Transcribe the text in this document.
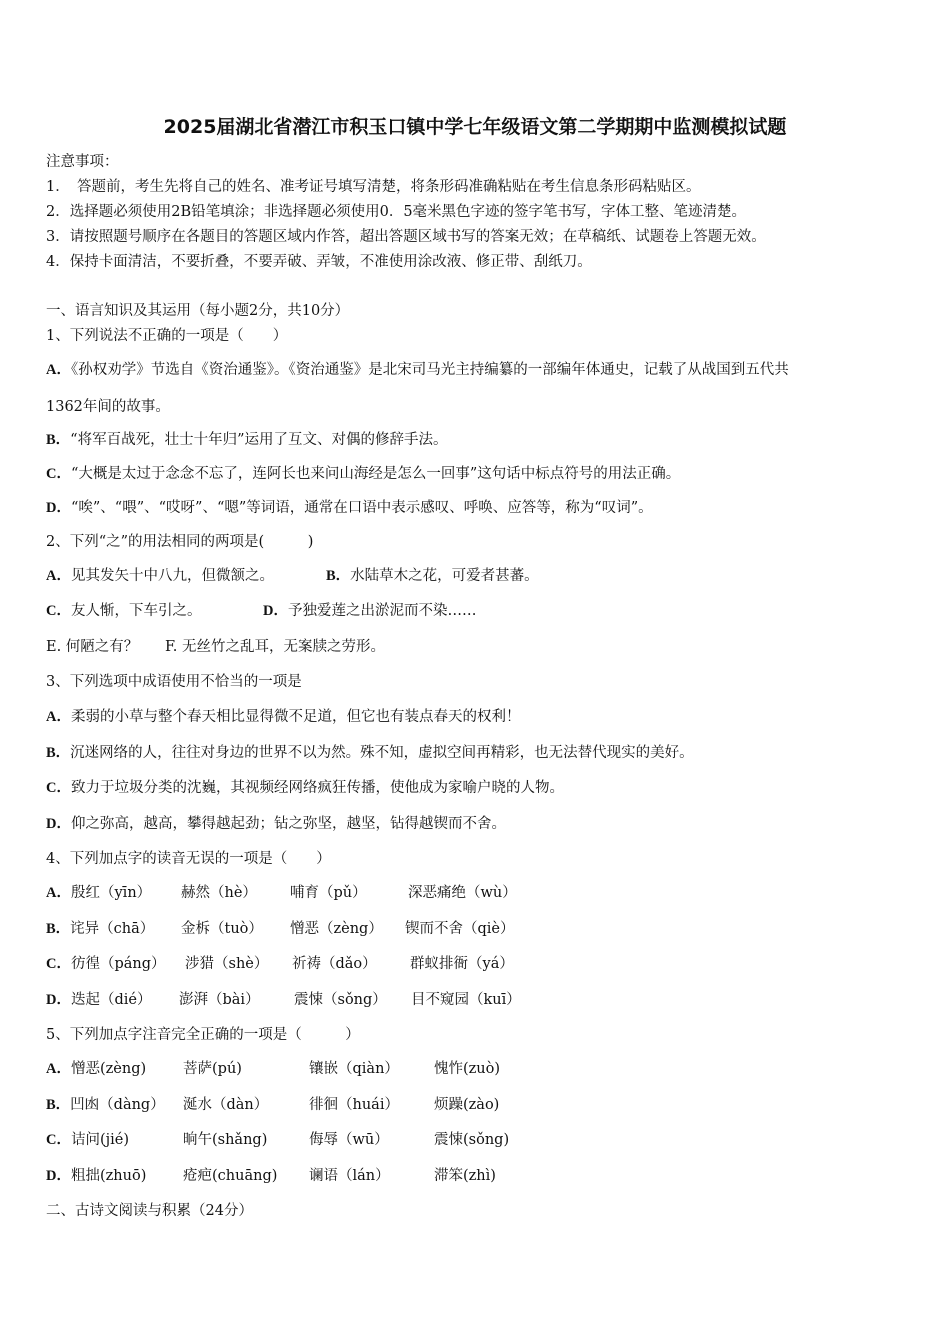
2025届湖北省潜江市积玉口镇中学七年级语文第二学期期中监测模拟试题
注意事项：
1．　答题前，考生先将自己的姓名、准考证号填写清楚，将条形码准确粘贴在考生信息条形码粘贴区。
2．选择题必须使用2B铅笔填涂；非选择题必须使用0．5毫米黑色字迹的签字笔书写，字体工整、笔迹清楚。
3．请按照题号顺序在各题目的答题区域内作答，超出答题区域书写的答案无效；在草稿纸、试题卷上答题无效。
4．保持卡面清洁，不要折叠，不要弄破、弄皱，不准使用涂改液、修正带、刮纸刀。
一、语言知识及其运用（每小题2分，共10分）
1、下列说法不正确的一项是（　　）
A．《孙权劝学》节选自《资治通鉴》。《资治通鉴》是北宋司马光主持编纂的一部编年体通史，记载了从战国到五代共
1362年间的故事。
B．“将军百战死，壮士十年归”运用了互文、对偶的修辞手法。
C．“大概是太过于念念不忘了，连阿长也来问山海经是怎么一回事”这句话中标点符号的用法正确。
D．“唉”、“喂”、“哎呀”、“嗯”等词语，通常在口语中表示感叹、呼唤、应答等，称为“叹词”。
2、下列“之”的用法相同的两项是(　　　)
A．见其发矢十中八九，但微颔之。	B．水陆草木之花，可爱者甚蕃。
C．友人惭，下车引之。	D．予独爱莲之出淤泥而不染……
E. 何陋之有？ F. 无丝竹之乱耳，无案牍之劳形。
3、下列选项中成语使用不恰当的一项是
A．柔弱的小草与整个春天相比显得微不足道，但它也有装点春天的权利！
B．沉迷网络的人，往往对身边的世界不以为然。殊不知，虚拟空间再精彩，也无法替代现实的美好。
C．致力于垃圾分类的沈巍，其视频经网络疯狂传播，使他成为家喻户晓的人物。
D．仰之弥高，越高，攀得越起劲；钻之弥坚，越坚，钻得越锲而不舍。
4、下列加点字的读音无误的一项是（　　）
A．殷红（yīn） 赫然（hè） 哺育（pǔ）	深恶痛绝（wù）
B．诧异（chā） 金柝（tuò） 憎恶（zèng） 锲而不舍（qiè）
C．彷徨（páng） 涉猎（shè） 祈祷（dǎo） 群蚁排衙（yá）
D．迭起（dié） 澎湃（bài） 震悚（sǒng） 目不窥园（kuī）
5、下列加点字注音完全正确的一项是（　　　）
A．憎恶(zèng)	菩萨(pú)	镶嵌（qiàn） 愧怍(zuò)
B．凹凼（dàng） 涎水（dàn）	徘徊（huái） 烦躁(zào)
C．诘问(jié)	晌午(shǎng)	侮辱（wū）	震悚(sǒng)
D．粗拙(zhuō)	疮疤(chuāng) 谰语（lán）	滞笨(zhì)
二、古诗文阅读与积累（24分）
